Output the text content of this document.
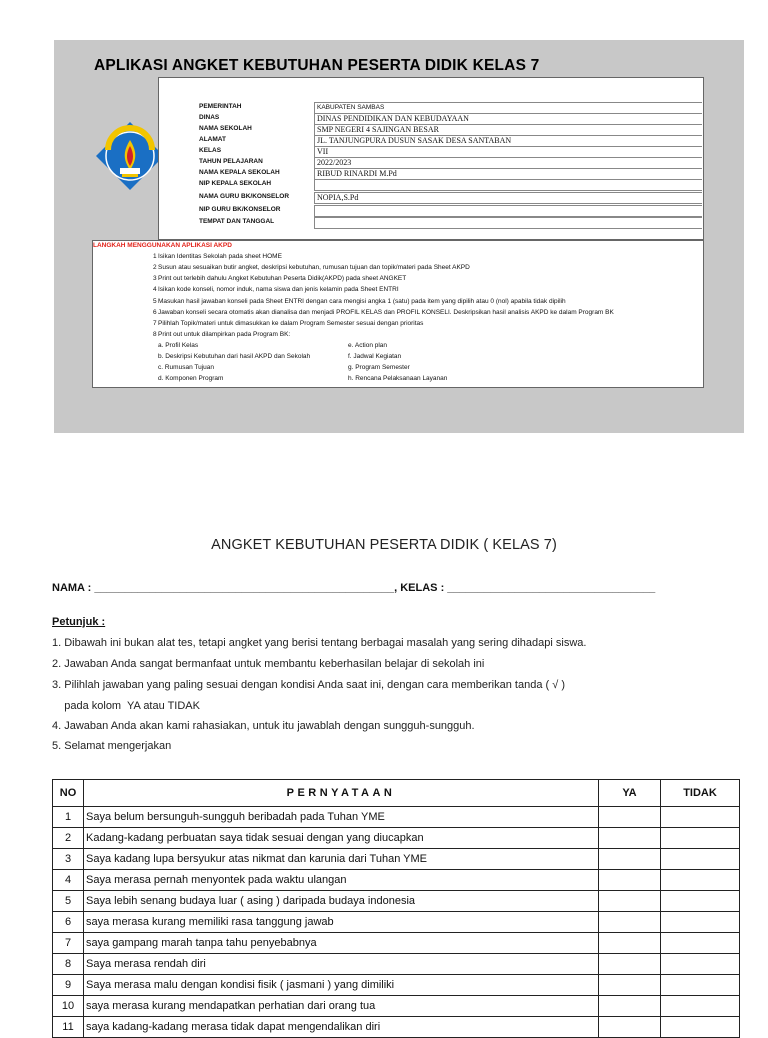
APLIKASI ANGKET KEBUTUHAN PESERTA DIDIK KELAS 7
PEMERINTAH	KABUPATEN SAMBAS
DINAS	DINAS PENDIDIKAN DAN KEBUDAYAAN
NAMA SEKOLAH	SMP NEGERI 4 SAJINGAN BESAR
ALAMAT	JL. TANJUNGPURA DUSUN SASAK DESA SANTABAN
KELAS	VII
TAHUN PELAJARAN	2022/2023
NAMA KEPALA SEKOLAH	RIBUD RINARDI M.Pd
NIP KEPALA SEKOLAH
NAMA GURU BK/KONSELOR	NOPIA,S.Pd
NIP GURU BK/KONSELOR
TEMPAT DAN TANGGAL
LANGKAH MENGGUNAKAN APLIKASI AKPD
1Isikan Identitas Sekolah pada sheet HOME
2Susun atau sesuaikan butir angket, deskripsi kebutuhan, rumusan tujuan dan topik/materi pada Sheet AKPD
3Print out terlebih dahulu Angket Kebutuhan Peserta Didik(AKPD) pada sheet ANGKET
4Isikan kode konseli, nomor induk, nama siswa dan jenis kelamin pada Sheet ENTRI
5Masukan hasil jawaban konseli pada Sheet ENTRI dengan cara mengisi angka 1 (satu) pada item yang dipilih atau 0 (nol) apabila tidak dipilih
6Jawaban konseli secara otomatis akan dianalisa dan menjadi PROFIL KELAS dan PROFIL KONSELI. Deskripsikan hasil analisis AKPD ke dalam Program BK
7Pilihlah Topik/materi untuk dimasukkan ke dalam Program Semester sesuai dengan prioritas
8Print out untuk dilampirkan pada Program BK:
a. Profil Kelas
b. Deskripsi Kebutuhan dari hasil AKPD dan Sekolah
c. Rumusan Tujuan
d. Komponen Program
e. Action plan
f. Jadwal Kegiatan
g. Program Semester
h. Rencana Pelaksanaan Layanan
ANGKET KEBUTUHAN PESERTA DIDIK ( KELAS 7)
NAMA : _________________________________________________, KELAS : __________________________________
Petunjuk :
1. Dibawah ini bukan alat tes, tetapi angket yang berisi tentang berbagai masalah yang sering dihadapi siswa.
2. Jawaban Anda sangat bermanfaat untuk membantu keberhasilan belajar di sekolah ini
3. Pilihlah jawaban yang paling sesuai dengan kondisi Anda saat ini, dengan cara memberikan tanda ( √ )
pada kolom  YA atau TIDAK
4. Jawaban Anda akan kami rahasiakan, untuk itu jawablah dengan sungguh-sungguh.
5. Selamat mengerjakan
NO	PERNYATAAN	YA	TIDAK
1	Saya belum bersunguh-sungguh beribadah pada Tuhan YME		
2	Kadang-kadang perbuatan saya tidak sesuai dengan yang diucapkan		
3	Saya kadang lupa bersyukur atas nikmat dan karunia dari Tuhan YME		
4	Saya merasa pernah menyontek pada waktu ulangan		
5	Saya lebih senang budaya luar ( asing ) daripada budaya indonesia		
6	saya merasa kurang memiliki rasa tanggung jawab		
7	saya gampang marah tanpa tahu penyebabnya		
8	Saya merasa rendah diri		
9	Saya merasa malu dengan kondisi fisik ( jasmani ) yang dimiliki		
10	saya merasa kurang mendapatkan perhatian dari orang tua		
11	saya kadang-kadang merasa tidak dapat mengendalikan diri		
